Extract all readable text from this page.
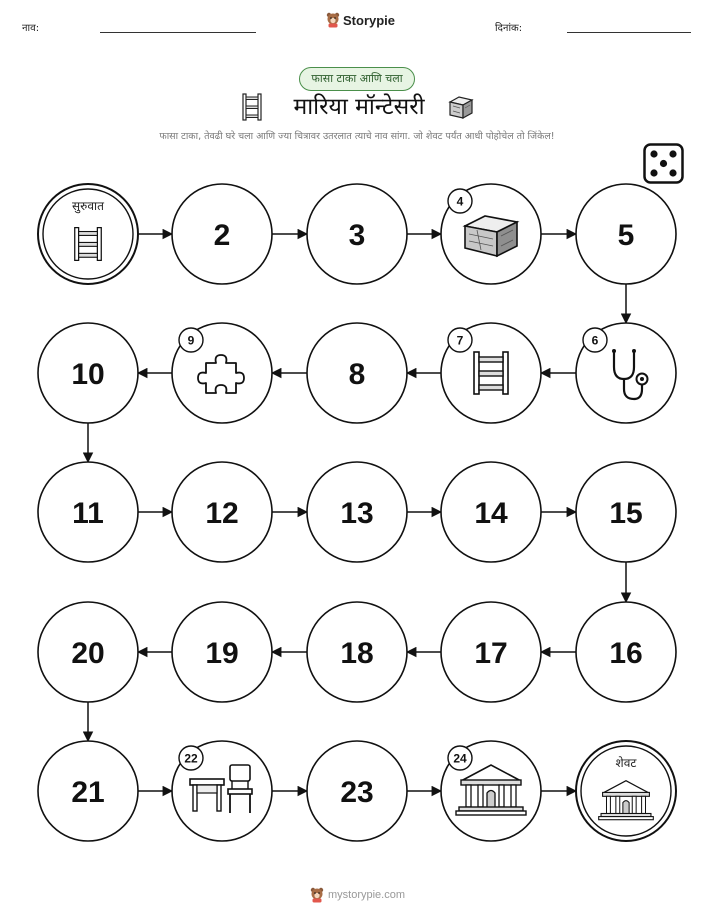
नाव:
Storypie
दिनांक:
फासा टाका आणि चला
मारिया मॉन्टेसरी
फासा टाका, तेवढी घरे चला आणि ज्या चित्रावर उतरलात त्याचे नाव सांगा. जो शेवट पर्यंत आधी पोहोचेल तो जिंकेल!
सुरुवात
2	3
4
5
6
7
8
9
10
11	12	13	14	15
16
17
18
19
20
21
22
23
24	शेवट
mystorypie.com
